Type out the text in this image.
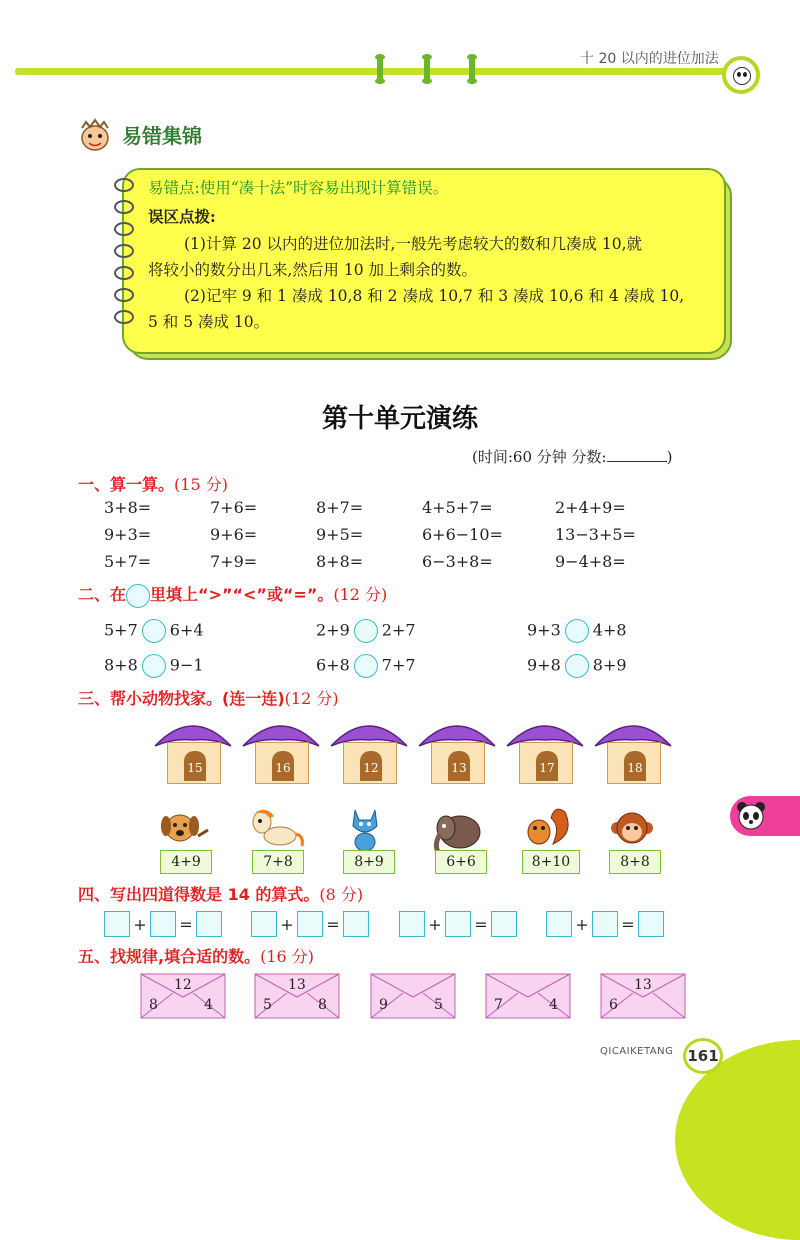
十 20 以内的进位加法
易错集锦
易错点:使用“凑十法”时容易出现计算错误。
误区点拨:
(1)计算 20 以内的进位加法时,一般先考虑较大的数和几凑成 10,就
将较小的数分出几来,然后用 10 加上剩余的数。
(2)记牢 9 和 1 凑成 10,8 和 2 凑成 10,7 和 3 凑成 10,6 和 4 凑成 10,
5 和 5 凑成 10。
第十单元演练
(时间:60 分钟 分数:	)
一、算一算。(15 分)
3+8=	7+6=	8+7=	4+5+7=	2+4+9=
9+3=	9+6=	9+5=	6+6−10=	13−3+5=
5+7=	7+9=	8+8=	6−3+8=	9−4+8=
二、在 里填上“>”“<”或“=”。(12 分)
5+7 6+4	2+9 2+7	9+3 4+8
8+8 9−1	6+8 7+7	9+8 8+9
三、帮小动物找家。(连一连)(12 分)
15	16	12	13	17	18
4+9	7+8	8+9	6+6	8+10	8+8
四、写出四道得数是 14 的算式。(8 分)
+ =	+ =	+ =	+ =
五、找规律,填合适的数。(16 分)
12
8	4
13
5	8	9	5	7	4
13
6
QICAIKETANG 161
